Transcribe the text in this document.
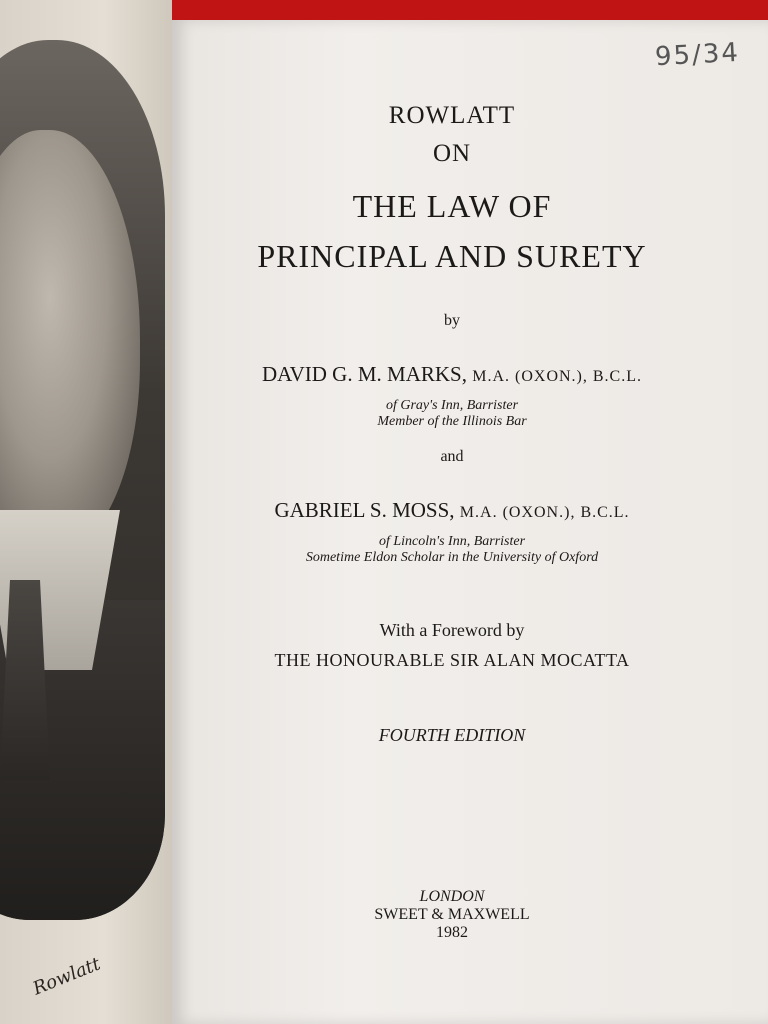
Rowlatt
95/34
ROWLATT
ON
THE LAW OF
PRINCIPAL AND SURETY
by
DAVID G. M. MARKS, M.A. (OXON.), B.C.L.
of Gray's Inn, Barrister
Member of the Illinois Bar
and
GABRIEL S. MOSS, M.A. (OXON.), B.C.L.
of Lincoln's Inn, Barrister
Sometime Eldon Scholar in the University of Oxford
With a Foreword by
THE HONOURABLE SIR ALAN MOCATTA
FOURTH EDITION
LONDON
SWEET & MAXWELL
1982
